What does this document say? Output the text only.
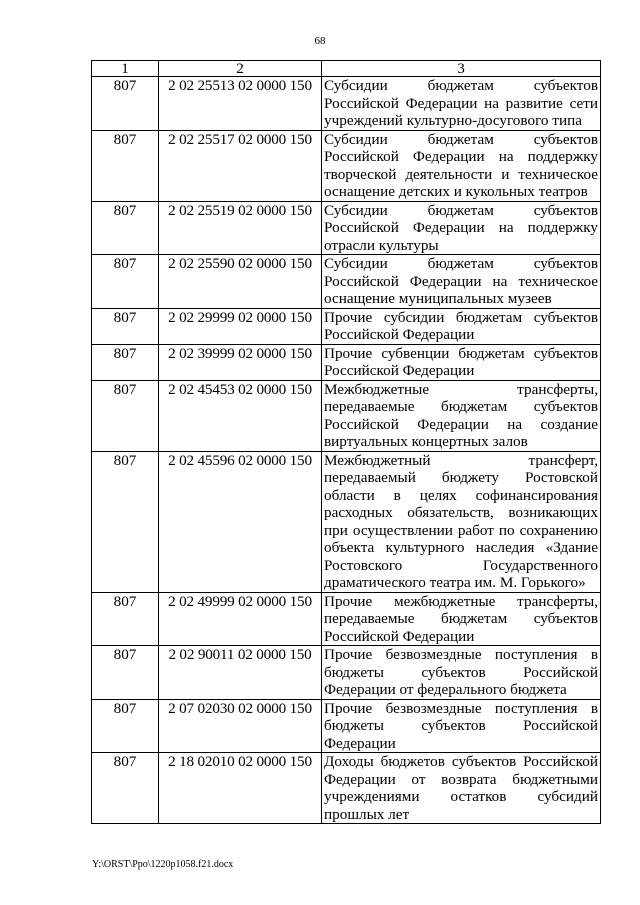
68
1	2	3
807	2 02 25513 02 0000 150	Субсидии бюджетам субъектов Российской Федерации на развитие сети учреждений культурно-досугового типа
807	2 02 25517 02 0000 150	Субсидии бюджетам субъектов Российской Федерации на поддержку творческой деятельности и техническое оснащение детских и кукольных театров
807	2 02 25519 02 0000 150	Субсидии бюджетам субъектов Российской Федерации на поддержку отрасли культуры
807	2 02 25590 02 0000 150	Субсидии бюджетам субъектов Российской Федерации на техническое оснащение муниципальных музеев
807	2 02 29999 02 0000 150	Прочие субсидии бюджетам субъектов Российской Федерации
807	2 02 39999 02 0000 150	Прочие субвенции бюджетам субъектов Российской Федерации
807	2 02 45453 02 0000 150	Межбюджетные трансферты, передаваемые бюджетам субъектов Российской Федерации на создание виртуальных концертных залов
807	2 02 45596 02 0000 150	Межбюджетный трансферт, передаваемый бюджету Ростовской области в целях софинансирования расходных обязательств, возникающих при осуществлении работ по сохранению объекта культурного наследия «Здание Ростовского Государственного драматического театра им. М. Горького»
807	2 02 49999 02 0000 150	Прочие межбюджетные трансферты, передаваемые бюджетам субъектов Российской Федерации
807	2 02 90011 02 0000 150	Прочие безвозмездные поступления в бюджеты субъектов Российской Федерации от федерального бюджета
807	2 07 02030 02 0000 150	Прочие безвозмездные поступления в бюджеты субъектов Российской Федерации
807	2 18 02010 02 0000 150	Доходы бюджетов субъектов Российской Федерации от возврата бюджетными учреждениями остатков субсидий прошлых лет
Y:\ORST\Ppo\1220p1058.f21.docx
